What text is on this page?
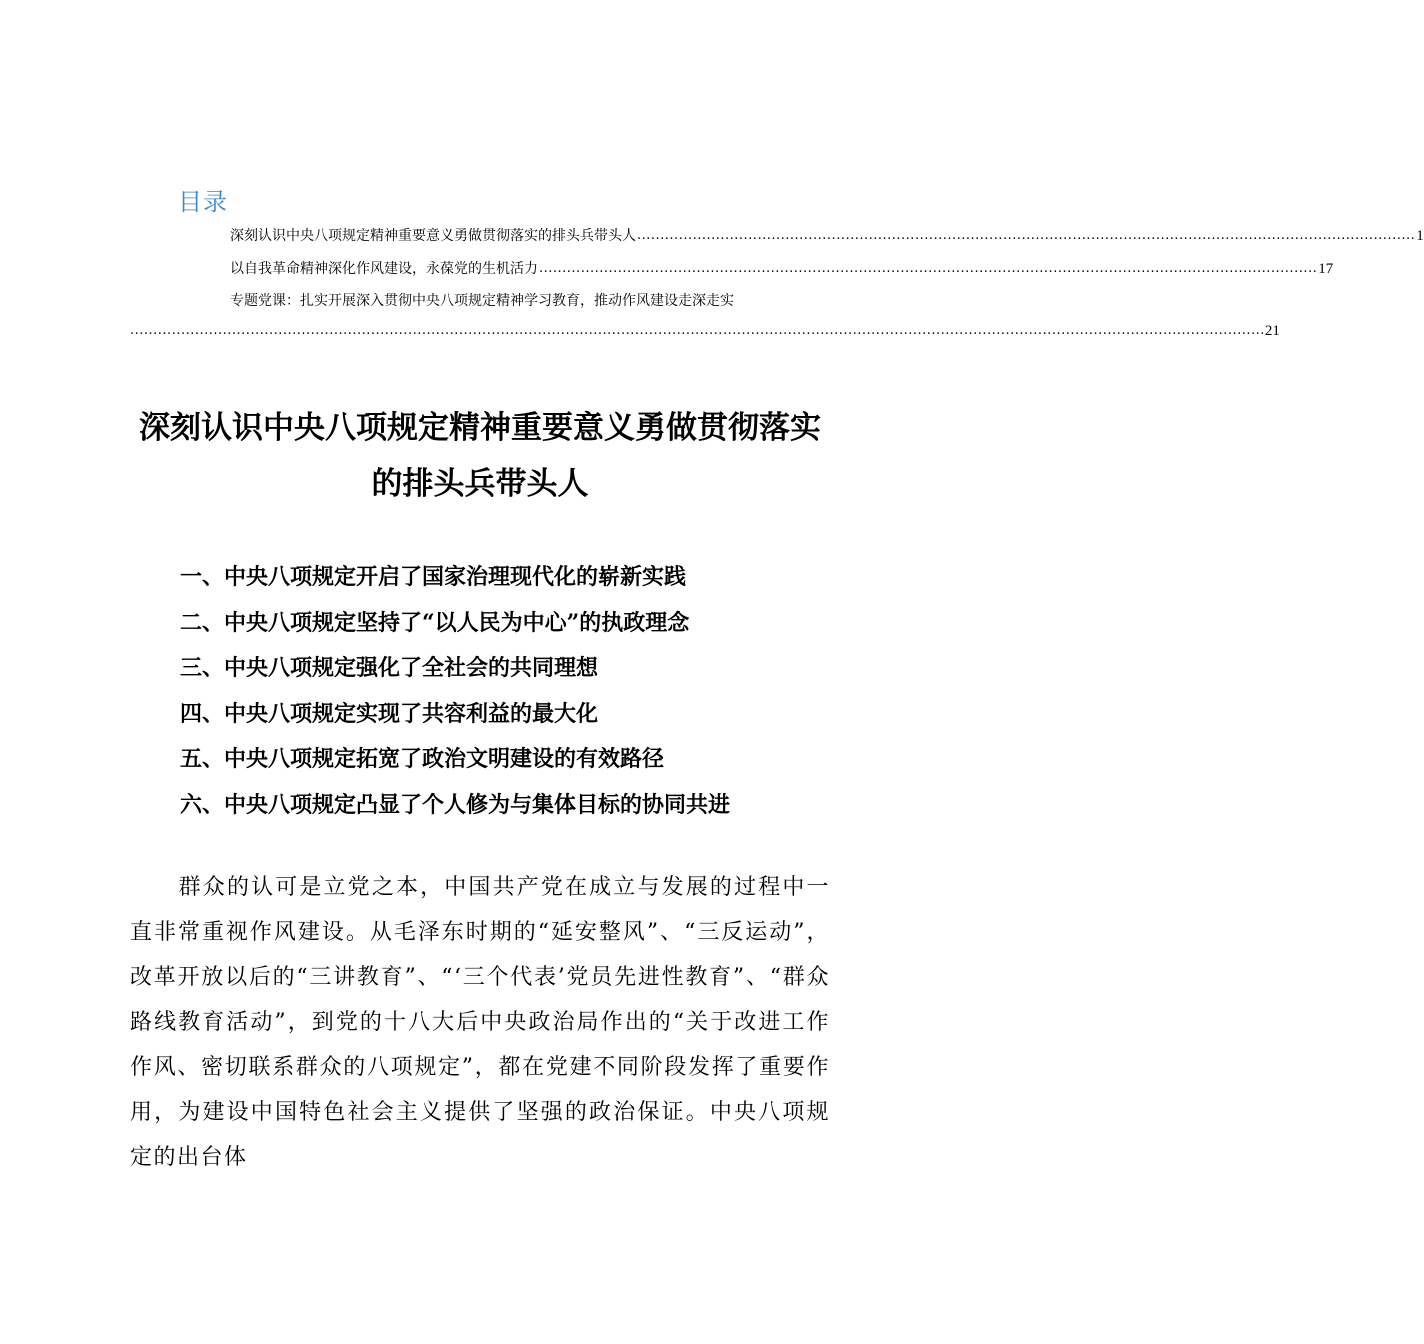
目录
深刻认识中央八项规定精神重要意义勇做贯彻落实的排头兵带头人 ........................................................................................................................................................................ 1
以自我革命精神深化作风建设，永葆党的生机活力 ........................................................................................................................................................................ 17
专题党课：扎实开展深入贯彻中央八项规定精神学习教育，推动作风建设走深走实
..................................................................................................................................................................................................................................................... 21
深刻认识中央八项规定精神重要意义勇做贯彻落实
的排头兵带头人
一、中央八项规定开启了国家治理现代化的崭新实践
二、中央八项规定坚持了“以人民为中心”的执政理念
三、中央八项规定强化了全社会的共同理想
四、中央八项规定实现了共容利益的最大化
五、中央八项规定拓宽了政治文明建设的有效路径
六、中央八项规定凸显了个人修为与集体目标的协同共进
群众的认可是立党之本，中国共产党在成立与发展的过程中一直非常重视作风建设。从毛泽东时期的“延安整风”、“三反运动”，改革开放以后的“三讲教育”、“‘三个代表’党员先进性教育”、“群众路线教育活动”，到党的十八大后中央政治局作出的“关于改进工作作风、密切联系群众的八项规定”，都在党建不同阶段发挥了重要作用，为建设中国特色社会主义提供了坚强的政治保证。中央八项规定的出台体
